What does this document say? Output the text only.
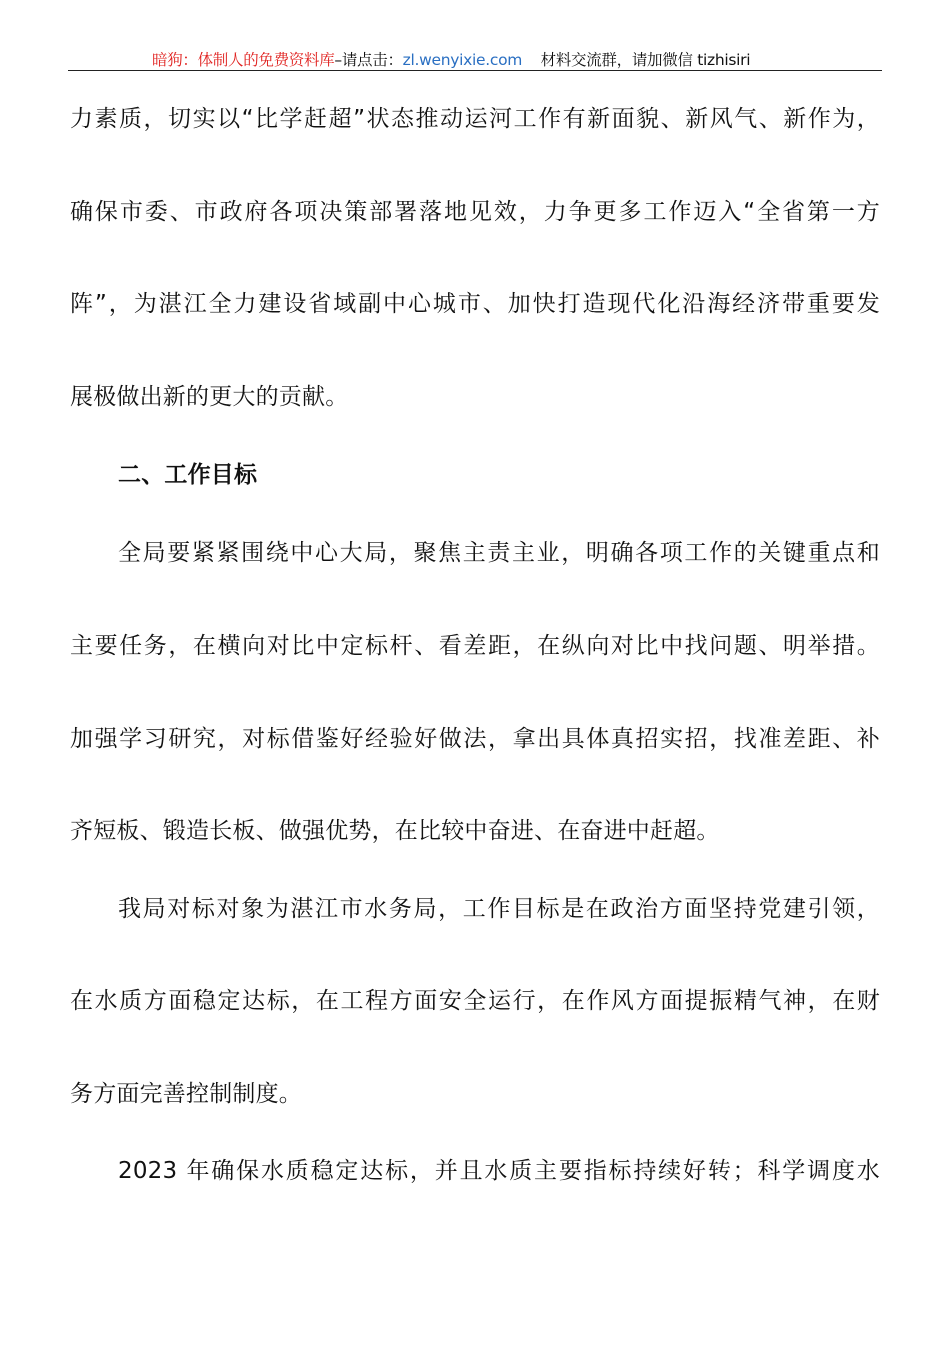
暗狗：体制人的免费资料库–请点击：zl.wenyixie.com 材料交流群，请加微信 tizhisiri
力素质，切实以“比学赶超”状态推动运河工作有新面貌、新风气、新作为，
确保市委、市政府各项决策部署落地见效，力争更多工作迈入“全省第一方
阵”，为湛江全力建设省域副中心城市、加快打造现代化沿海经济带重要发
展极做出新的更大的贡献。
二、工作目标
全局要紧紧围绕中心大局，聚焦主责主业，明确各项工作的关键重点和
主要任务，在横向对比中定标杆、看差距，在纵向对比中找问题、明举措。
加强学习研究，对标借鉴好经验好做法，拿出具体真招实招，找准差距、补
齐短板、锻造长板、做强优势，在比较中奋进、在奋进中赶超。
我局对标对象为湛江市水务局，工作目标是在政治方面坚持党建引领，
在水质方面稳定达标，在工程方面安全运行，在作风方面提振精气神，在财
务方面完善控制制度。
2023 年确保水质稳定达标，并且水质主要指标持续好转；科学调度水
